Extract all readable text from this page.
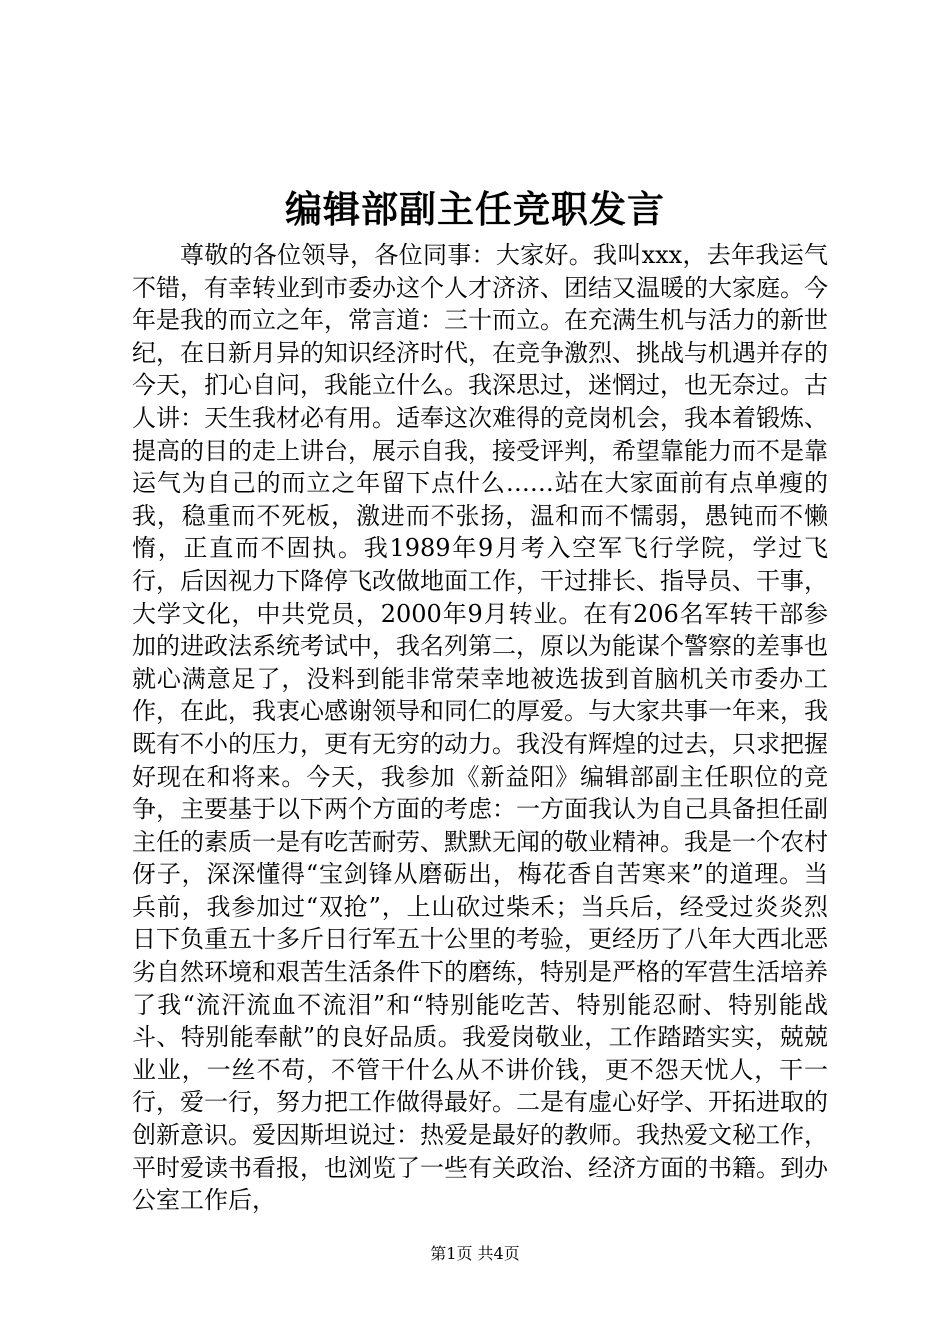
编辑部副主任竞职发言

尊敬的各位领导，各位同事：大家好。我叫xxx，去年我运气不错，有幸转业到市委办这个人才济济、团结又温暖的大家庭。今年是我的而立之年，常言道：三十而立。在充满生机与活力的新世纪，在日新月异的知识经济时代，在竞争激烈、挑战与机遇并存的今天，扪心自问，我能立什么。我深思过，迷惘过，也无奈过。古人讲：天生我材必有用。适奉这次难得的竞岗机会，我本着锻炼、提高的目的走上讲台，展示自我，接受评判，希望靠能力而不是靠运气为自己的而立之年留下点什么……站在大家面前有点单瘦的我，稳重而不死板，激进而不张扬，温和而不懦弱，愚钝而不懒惰，正直而不固执。我1989年9月考入空军飞行学院，学过飞行，后因视力下降停飞改做地面工作，干过排长、指导员、干事，大学文化，中共党员，2000年9月转业。在有206名军转干部参加的进政法系统考试中，我名列第二，原以为能谋个警察的差事也就心满意足了，没料到能非常荣幸地被选拔到首脑机关市委办工作，在此，我衷心感谢领导和同仁的厚爱。与大家共事一年来，我既有不小的压力，更有无穷的动力。我没有辉煌的过去，只求把握好现在和将来。今天，我参加《新益阳》编辑部副主任职位的竞争，主要基于以下两个方面的考虑：一方面我认为自己具备担任副主任的素质一是有吃苦耐劳、默默无闻的敬业精神。我是一个农村伢子，深深懂得“宝剑锋从磨砺出，梅花香自苦寒来”的道理。当兵前，我参加过“双抢”，上山砍过柴禾；当兵后，经受过炎炎烈日下负重五十多斤日行军五十公里的考验，更经历了八年大西北恶劣自然环境和艰苦生活条件下的磨练，特别是严格的军营生活培养了我“流汗流血不流泪”和“特别能吃苦、特别能忍耐、特别能战斗、特别能奉献”的良好品质。我爱岗敬业，工作踏踏实实，兢兢业业，一丝不苟，不管干什么从不讲价钱，更不怨天忧人，干一行，爱一行，努力把工作做得最好。二是有虚心好学、开拓进取的创新意识。爱因斯坦说过：热爱是最好的教师。我热爱文秘工作，平时爱读书看报，也浏览了一些有关政治、经济方面的书籍。到办公室工作后，

第1页 共4页
